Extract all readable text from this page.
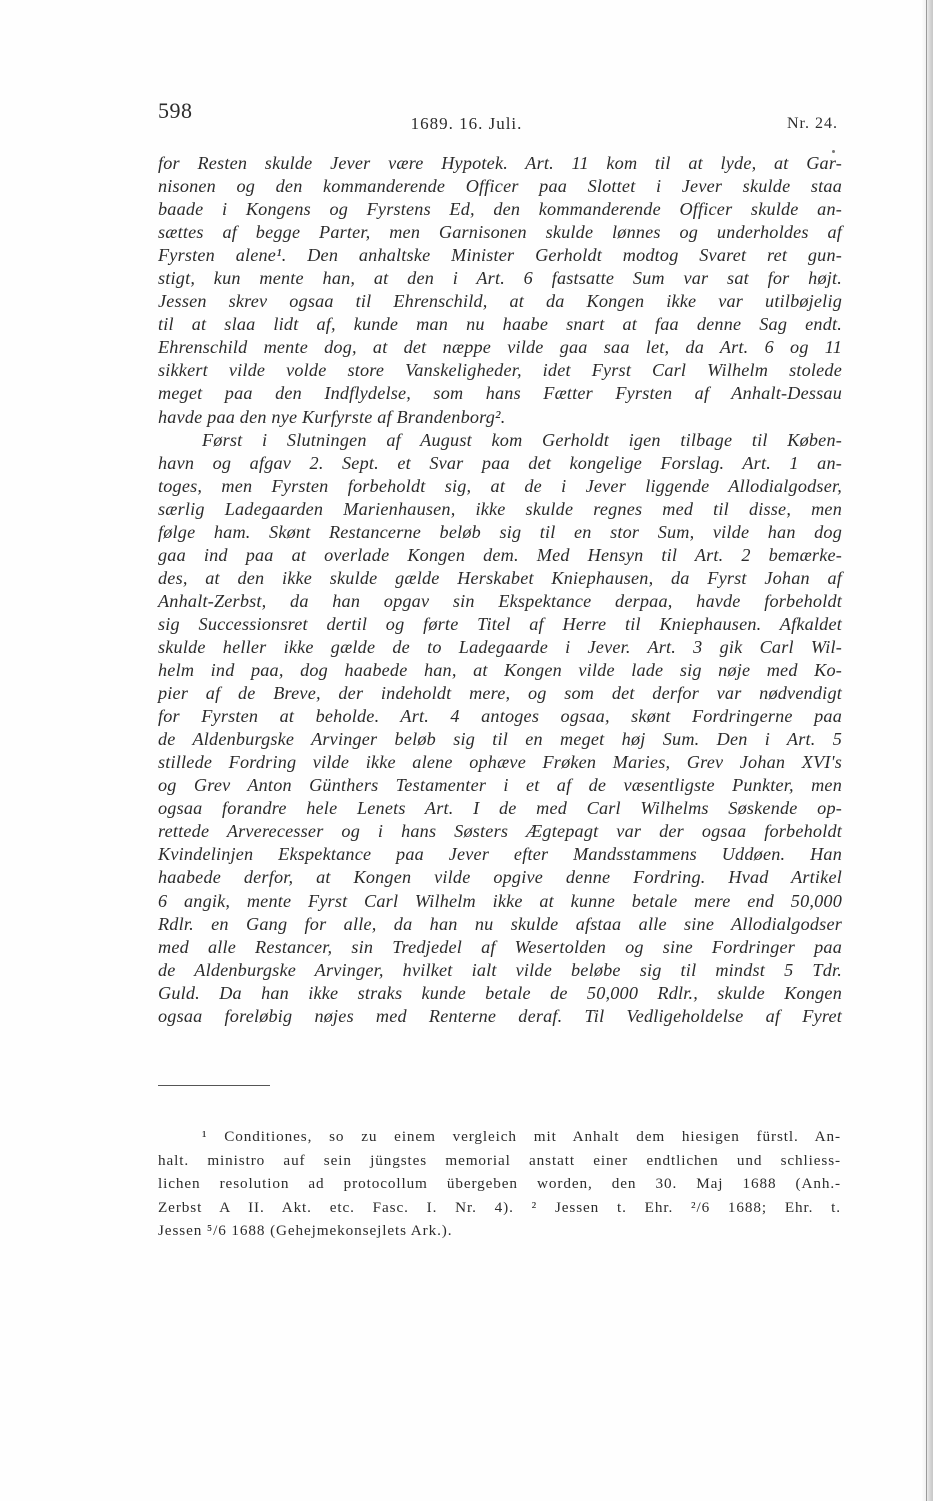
598
1689. 16. Juli.	Nr. 24.
for Resten skulde Jever være Hypotek. Art. 11 kom til at lyde, at Gar-
nisonen og den kommanderende Officer paa Slottet i Jever skulde staa
baade i Kongens og Fyrstens Ed, den kommanderende Officer skulde an-
sættes af begge Parter, men Garnisonen skulde lønnes og underholdes af
Fyrsten alene¹. Den anhaltske Minister Gerholdt modtog Svaret ret gun-
stigt, kun mente han, at den i Art. 6 fastsatte Sum var sat for højt.
Jessen skrev ogsaa til Ehrenschild, at da Kongen ikke var utilbøjelig
til at slaa lidt af, kunde man nu haabe snart at faa denne Sag endt.
Ehrenschild mente dog, at det næppe vilde gaa saa let, da Art. 6 og 11
sikkert vilde volde store Vanskeligheder, idet Fyrst Carl Wilhelm stolede
meget paa den Indflydelse, som hans Fætter Fyrsten af Anhalt-Dessau
havde paa den nye Kurfyrste af Brandenborg².
Først i Slutningen af August kom Gerholdt igen tilbage til Køben-
havn og afgav 2. Sept. et Svar paa det kongelige Forslag. Art. 1 an-
toges, men Fyrsten forbeholdt sig, at de i Jever liggende Allodialgodser,
særlig Ladegaarden Marienhausen, ikke skulde regnes med til disse, men
følge ham. Skønt Restancerne beløb sig til en stor Sum, vilde han dog
gaa ind paa at overlade Kongen dem. Med Hensyn til Art. 2 bemærke-
des, at den ikke skulde gælde Herskabet Kniephausen, da Fyrst Johan af
Anhalt-Zerbst, da han opgav sin Ekspektance derpaa, havde forbeholdt
sig Successionsret dertil og førte Titel af Herre til Kniephausen. Afkaldet
skulde heller ikke gælde de to Ladegaarde i Jever. Art. 3 gik Carl Wil-
helm ind paa, dog haabede han, at Kongen vilde lade sig nøje med Ko-
pier af de Breve, der indeholdt mere, og som det derfor var nødvendigt
for Fyrsten at beholde. Art. 4 antoges ogsaa, skønt Fordringerne paa
de Aldenburgske Arvinger beløb sig til en meget høj Sum. Den i Art. 5
stillede Fordring vilde ikke alene ophæve Frøken Maries, Grev Johan XVI's
og Grev Anton Günthers Testamenter i et af de væsentligste Punkter, men
ogsaa forandre hele Lenets Art. I de med Carl Wilhelms Søskende op-
rettede Arverecesser og i hans Søsters Ægtepagt var der ogsaa forbeholdt
Kvindelinjen Ekspektance paa Jever efter Mandsstammens Uddøen. Han
haabede derfor, at Kongen vilde opgive denne Fordring. Hvad Artikel
6 angik, mente Fyrst Carl Wilhelm ikke at kunne betale mere end 50,000
Rdlr. en Gang for alle, da han nu skulde afstaa alle sine Allodialgodser
med alle Restancer, sin Tredjedel af Wesertolden og sine Fordringer paa
de Aldenburgske Arvinger, hvilket ialt vilde beløbe sig til mindst 5 Tdr.
Guld. Da han ikke straks kunde betale de 50,000 Rdlr., skulde Kongen
ogsaa foreløbig nøjes med Renterne deraf. Til Vedligeholdelse af Fyret
¹ Conditiones, so zu einem vergleich mit Anhalt dem hiesigen fürstl. An-
halt. ministro auf sein jüngstes memorial anstatt einer endtlichen und schliess-
lichen resolution ad protocollum übergeben worden, den 30. Maj 1688 (Anh.-
Zerbst A II. Akt. etc. Fasc. I. Nr. 4). ² Jessen t. Ehr. ²/6 1688; Ehr. t.
Jessen ⁵/6 1688 (Gehejmekonsejlets Ark.).
